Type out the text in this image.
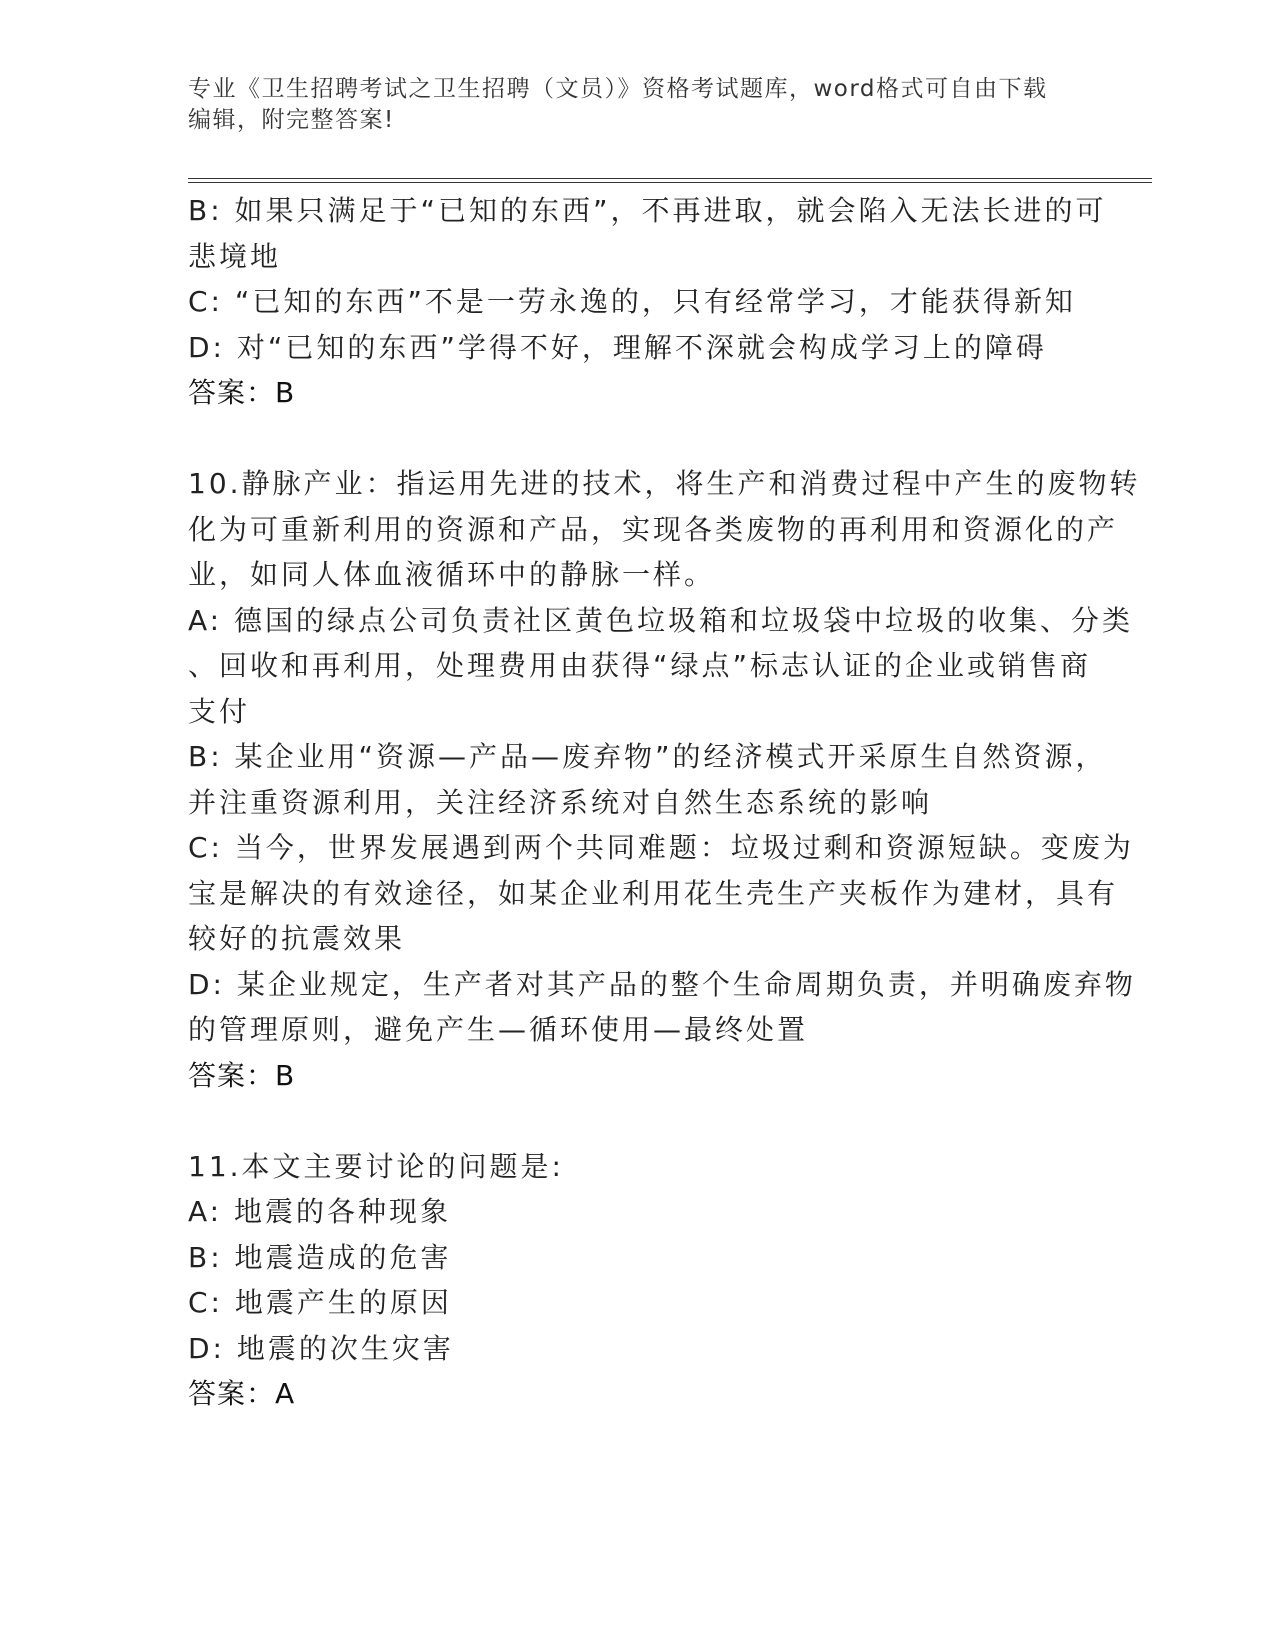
专业《卫生招聘考试之卫生招聘（文员）》资格考试题库，word格式可自由下载
编辑，附完整答案!
B: 如果只满足于“已知的东西”，不再进取，就会陷入无法长进的可
悲境地
C: “已知的东西”不是一劳永逸的，只有经常学习，才能获得新知
D: 对“已知的东西”学得不好，理解不深就会构成学习上的障碍
答案：B
10.静脉产业：指运用先进的技术，将生产和消费过程中产生的废物转
化为可重新利用的资源和产品，实现各类废物的再利用和资源化的产
业，如同人体血液循环中的静脉一样。
A: 德国的绿点公司负责社区黄色垃圾箱和垃圾袋中垃圾的收集、分类
、回收和再利用，处理费用由获得“绿点”标志认证的企业或销售商
支付
B: 某企业用“资源—产品—废弃物”的经济模式开采原生自然资源，
并注重资源利用，关注经济系统对自然生态系统的影响
C: 当今，世界发展遇到两个共同难题：垃圾过剩和资源短缺。变废为
宝是解决的有效途径，如某企业利用花生壳生产夹板作为建材，具有
较好的抗震效果
D: 某企业规定，生产者对其产品的整个生命周期负责，并明确废弃物
的管理原则，避免产生—循环使用—最终处置
答案：B
11.本文主要讨论的问题是:
A: 地震的各种现象
B: 地震造成的危害
C: 地震产生的原因
D: 地震的次生灾害
答案：A
